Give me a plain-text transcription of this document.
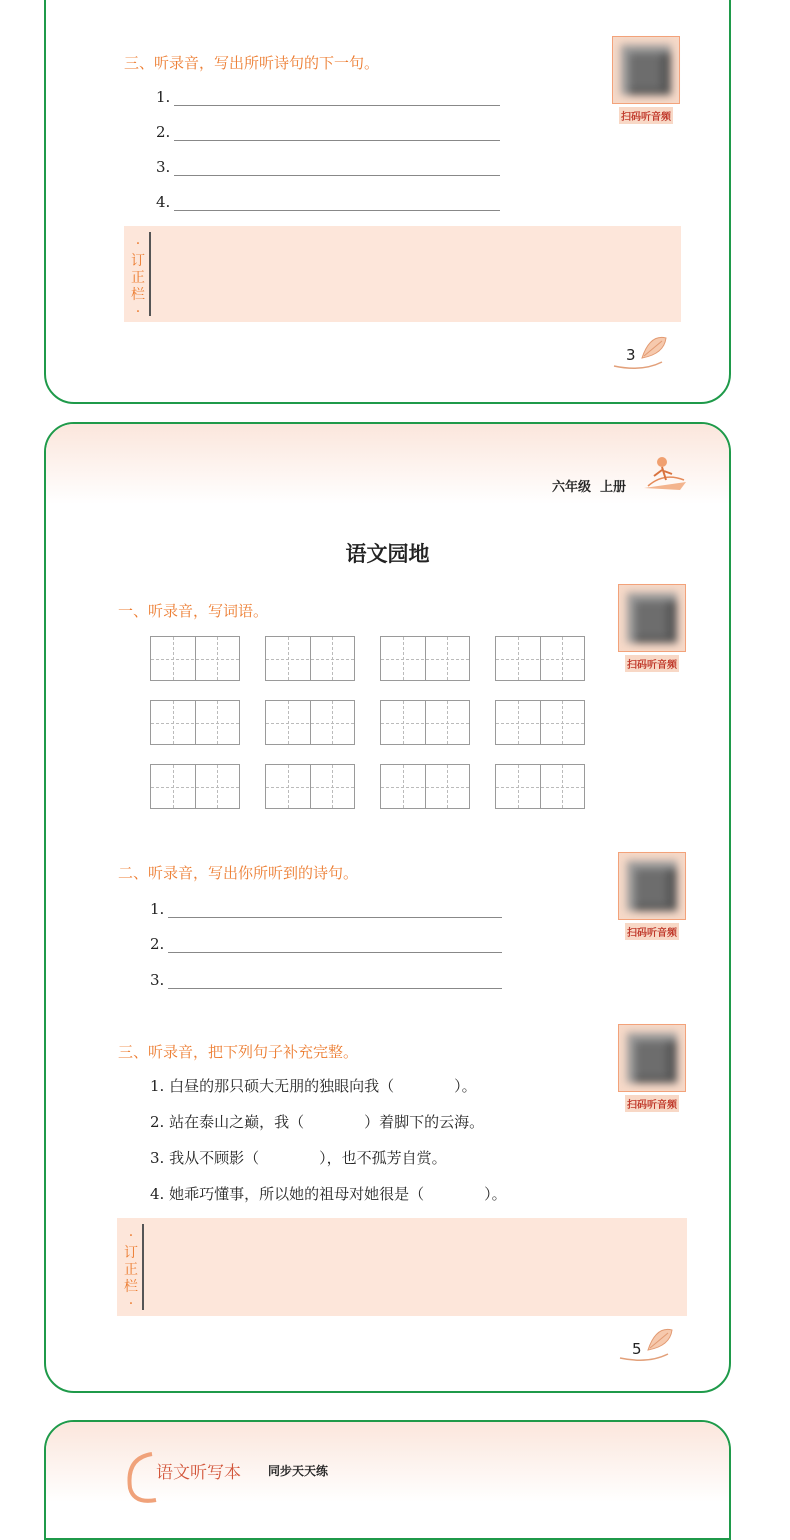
三、听录音，写出所听诗句的下一句。
1.
2.
3.
4.
扫码听音频
·订正栏·
3
六年级  上册
语文园地
一、听录音，写词语。
扫码听音频
二、听录音，写出你所听到的诗句。
扫码听音频
1.
2.
3.
三、听录音，把下列句子补充完整。
扫码听音频
1. 白昼的那只硕大无朋的独眼向我（　　　　）。
2. 站在泰山之巅，我（　　　　）着脚下的云海。
3. 我从不顾影（　　　　），也不孤芳自赏。
4. 她乖巧懂事，所以她的祖母对她很是（　　　　）。
·订正栏·
5
语文听写本 同步天天练
